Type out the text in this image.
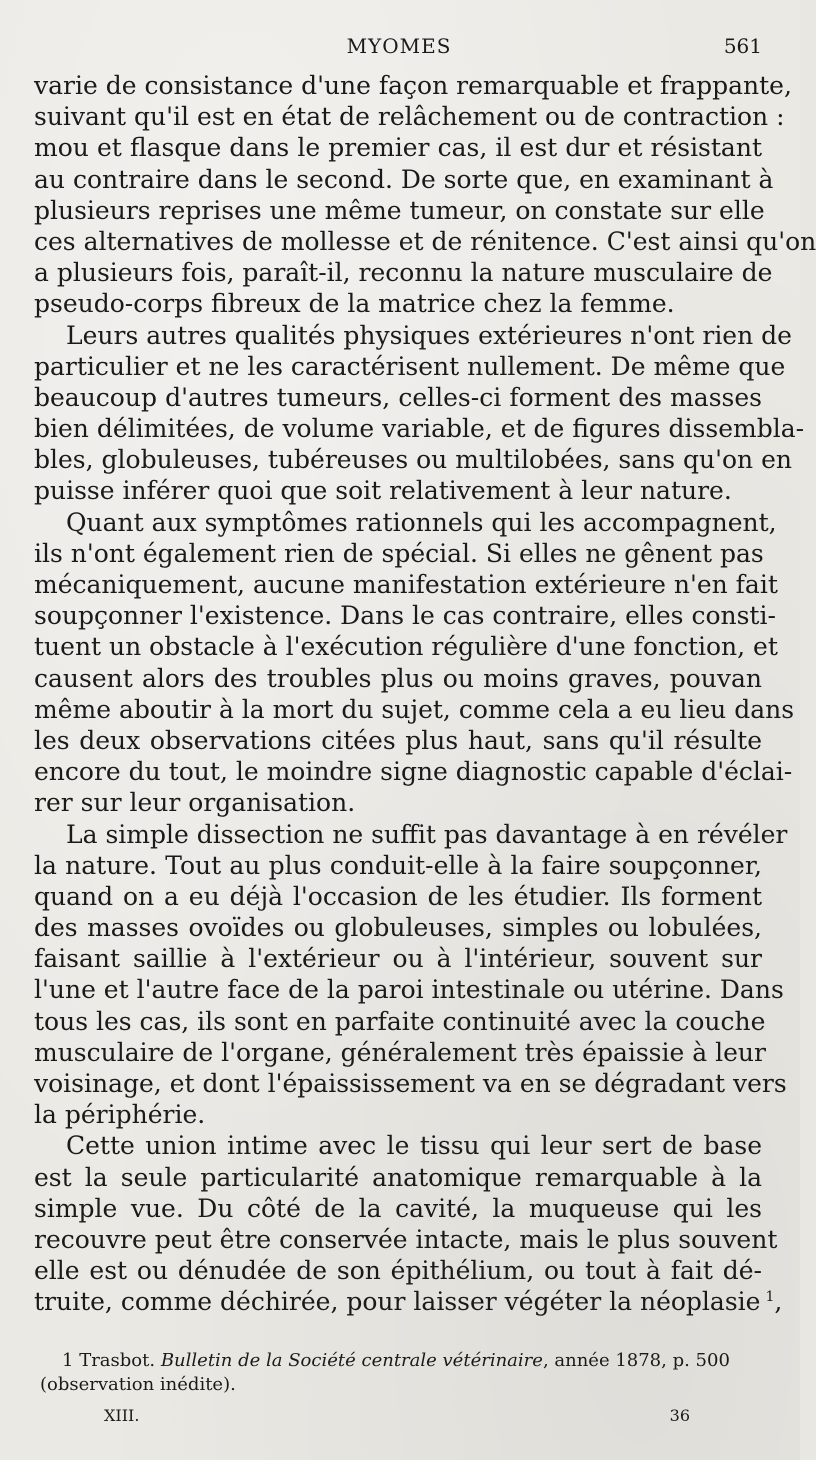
MYOMES	561
varie de consistance d'une façon remarquable et frappante,
suivant qu'il est en état de relâchement ou de contraction :
mou et flasque dans le premier cas, il est dur et résistant
au contraire dans le second. De sorte que, en examinant à
plusieurs reprises une même tumeur, on constate sur elle
ces alternatives de mollesse et de rénitence. C'est ainsi qu'on
a plusieurs fois, paraît-il, reconnu la nature musculaire de
pseudo-corps fibreux de la matrice chez la femme.
Leurs autres qualités physiques extérieures n'ont rien de
particulier et ne les caractérisent nullement. De même que
beaucoup d'autres tumeurs, celles-ci forment des masses
bien délimitées, de volume variable, et de figures dissembla-
bles, globuleuses, tubéreuses ou multilobées, sans qu'on en
puisse inférer quoi que soit relativement à leur nature.
Quant aux symptômes rationnels qui les accompagnent,
ils n'ont également rien de spécial. Si elles ne gênent pas
mécaniquement, aucune manifestation extérieure n'en fait
soupçonner l'existence. Dans le cas contraire, elles consti-
tuent un obstacle à l'exécution régulière d'une fonction, et
causent alors des troubles plus ou moins graves, pouvan
même aboutir à la mort du sujet, comme cela a eu lieu dans
les deux observations citées plus haut, sans qu'il résulte
encore du tout, le moindre signe diagnostic capable d'éclai-
rer sur leur organisation.
La simple dissection ne suffit pas davantage à en révéler
la nature. Tout au plus conduit-elle à la faire soupçonner,
quand on a eu déjà l'occasion de les étudier. Ils forment
des masses ovoïdes ou globuleuses, simples ou lobulées,
faisant saillie à l'extérieur ou à l'intérieur, souvent sur
l'une et l'autre face de la paroi intestinale ou utérine. Dans
tous les cas, ils sont en parfaite continuité avec la couche
musculaire de l'organe, généralement très épaissie à leur
voisinage, et dont l'épaississement va en se dégradant vers
la périphérie.
Cette union intime avec le tissu qui leur sert de base
est la seule particularité anatomique remarquable à la
simple vue. Du côté de la cavité, la muqueuse qui les
recouvre peut être conservée intacte, mais le plus souvent
elle est ou dénudée de son épithélium, ou tout à fait dé-
truite, comme déchirée, pour laisser végéter la néoplasie  $^1$,
1 Trasbot. Bulletin de la Société centrale vétérinaire, année 1878, p. 500
(observation inédite).
XIII.	36
